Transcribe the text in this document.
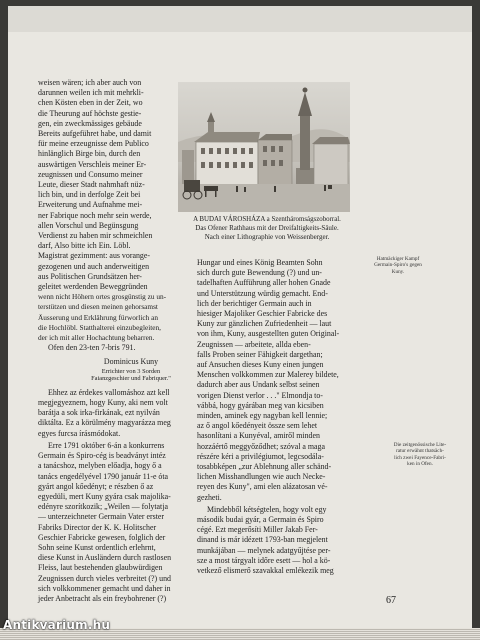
weisen wären; ich aber auch von

darunnen weilen ich mit mehrkli-

chen Kösten eben in der Zeit, wo

die Theurung auf höchste gestie-

gen, ein zweckmässiges gebäude

Bereits aufgeführet habe, und damit

für meine erzeugnisse dem Publico

hinlänglich Birge bin, durch den

auswärtigen Verschleis meiner Er-

zeugnissen und Consumo meiner

Leute, dieser Stadt nahmhaft nüz-

lich bin, und in derfolge Zeit bei

Erweiterung und Aufnahme mei-

ner Fabrique noch mehr sein werde,

allen Vorschul und Begünsgung

Verdienst zu haben mir schmeichlen

darf, Also bitte ich Ein. Löbl.

Magistrat gezimment: aus vorange-

gezogenen und auch anderweitigen

aus Politischen Grundsätzen her-

geleitet werdenden Beweggründen

wenn nicht Höhern ortes grosgünstig zu un-

terstützen und diesen meinen gehorsamst

Äusserung und Erklährung fürworlich an

die Hochlöbl. Statthalterei einzubegleiten,

der ich mit aller Hochachtung beharren.

Ofen den 23-ten 7-bris 791.

Dominicus Kuny

Errichter von 3 Sorden

Faianzgeschier und Fabriquer."

Ehhez az érdekes vallomáshoz azt kell

megjegyeznem, hogy Kuny, aki nem volt

barátja a sok irka-firkának, ezt nyilván

diktálta. Ez a körülmény magyarázza meg

egyes furcsa írásmódokat.

Erre 1791 október 6-án a konkurrens

Germain és Spiro-cég is beadványt intéz

a tanácshoz, melyben előadja, hogy ő a

tanács engedélyével 1790 január 11-e óta

gyárt angol kőedényt; e részben ő az

egyedüli, mert Kuny gyára csak majolika-

edényre szorítkozik; „Weilen — folytatja

— unterzeichneter Germain Vater erster

Fabriks Director der K. K. Holitscher

Geschier Fabricke gewesen, folglich der

Sohn seine Kunst ordentlich erlehrnt,

diese Kunst in Ausländern durch rastlosen

Fleiss, laut bestehenden glaubwürdigen

Zeugnissen durch vieles verbreitet (?) und

sich volkkommener gemacht und daher in

jeder Anbetracht als ein freybohrener (?)

A BUDAI VÁROSHÁZA a Szentháromságszoborral.
Das Ofener Rathhaus mit der Dreifaltigkeits-Säule.
Nach einer Lithographie von Weissenberger.

Hungar und eines König Beamten Sohn

sich durch gute Bewendung (?) und un-

tadelhaften Aufführung aller hohen Gnade

und Unterstützung würdig gemacht. End-

lich der berichtiger Germain auch in

hiesiger Majoliker Geschier Fabricke des

Kuny zur gänzlichen Zufriedenheit — laut

von ihm, Kuny, ausgestellten guten Original-

Zeugnissen — arbeitete, allda eben-

falls Proben seiner Fähigkeit dargethan;

auf Ansuchen dieses Kuny einen jungen

Menschen volkkommen zur Malerey bildete,

dadurch aber aus Undank selbst seinen

vorigen Dienst verlor . . ." Elmondja to-

vábbá, hogy gyárában meg van kicsiben

minden, aminek egy nagyban kell lennie;

az ő angol kőedényeit össze sem lehet

hasonlítani a Kunyéval, amiről minden

hozzáértő meggyőződhet; szóval a maga

részére kéri a privilégiumot, legcsodála-

tosabbképen „zur Ablehnung aller schänd-

lichen Misshandlungen wie auch Necke-

reyen des Kuny", ami elen alázatosan vé-

gezheti.

Mindebből kétségtelen, hogy volt egy

második budai gyár, a Germain és Spiro

cégé. Ezt megerősíti Miller Jakab Fer-

dinand is már idézett 1793-ban megjelent

munkájában — melynek adatgyűjtése per-

sze a most tárgyalt időre esett — hol a kö-

vetkező elismerő szavakkal emlékezik meg

Hatmäckiger Kampf
Germain-Spiro's gegen
Kuny.
Die zeitgenössische Lite-
ratur erwähnt thatsäch-
lich zwei Fayence-Fabri-
ken in Ofen.
67
Antikvarium.hu
